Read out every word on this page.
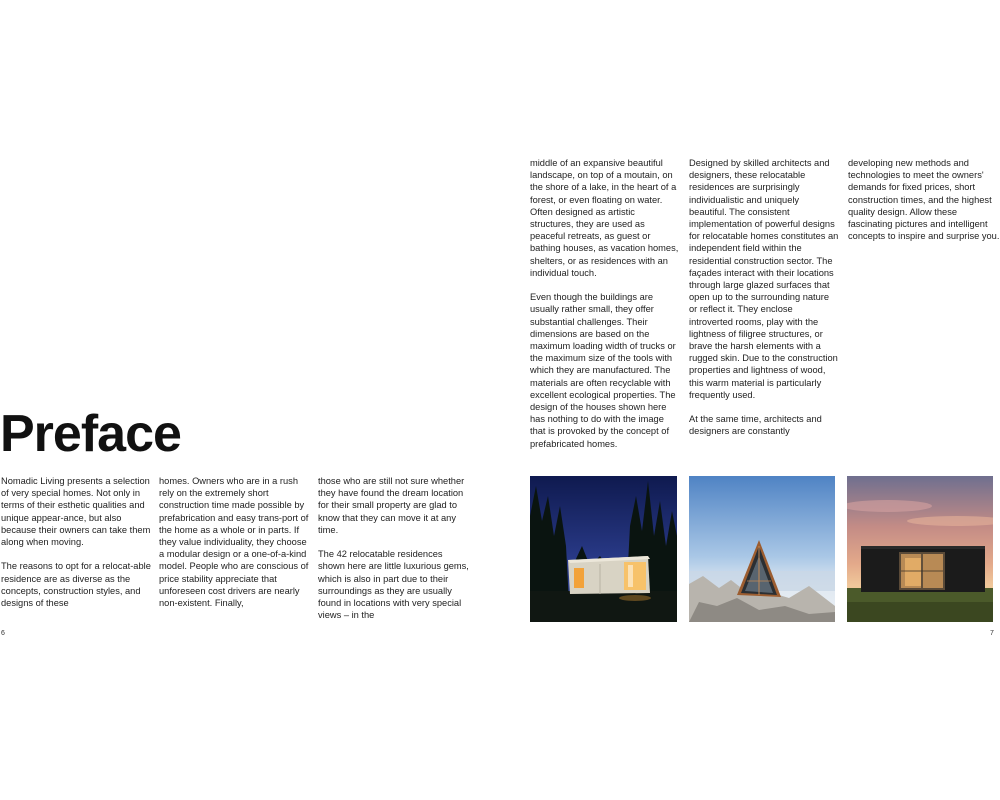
Preface

Nomadic Living presents a selection of very special homes. Not only in terms of their esthetic qualities and unique appear-ance, but also because their owners can take them along when moving.

The reasons to opt for a relocat-able residence are as diverse as the concepts, construction styles, and designs of these

homes. Owners who are in a rush rely on the extremely short construction time made possible by prefabrication and easy trans-port of the home as a whole or in parts. If they value individuality, they choose a modular design or a one-of-a-kind model. People who are conscious of price stability appreciate that unforeseen cost drivers are nearly non-existent. Finally,

those who are still not sure whether they have found the dream location for their small property are glad to know that they can move it at any time.

The 42 relocatable residences shown here are little luxurious gems, which is also in part due to their surroundings as they are usually found in locations with very special views – in the

6

middle of an expansive beautiful landscape, on top of a moutain, on the shore of a lake, in the heart of a forest, or even floating on water. Often designed as artistic structures, they are used as peaceful retreats, as guest or bathing houses, as vacation homes, shelters, or as residences with an individual touch.

Even though the buildings are usually rather small, they offer substantial challenges. Their dimensions are based on the maximum loading width of trucks or the maximum size of the tools with which they are manufactured. The materials are often recyclable with excellent ecological properties. The design of the houses shown here has nothing to do with the image that is provoked by the concept of prefabricated homes.

Designed by skilled architects and designers, these relocatable residences are surprisingly individualistic and uniquely beautiful. The consistent implementation of powerful designs for relocatable homes constitutes an independent field within the residential construction sector. The façades interact with their locations through large glazed surfaces that open up to the surrounding nature or reflect it. They enclose introverted rooms, play with the lightness of filigree structures, or brave the harsh elements with a rugged skin. Due to the construction properties and lightness of wood, this warm material is particularly frequently used.

At the same time, architects and designers are constantly

developing new methods and technologies to meet the owners' demands for fixed prices, short construction times, and the highest quality design. Allow these fascinating pictures and intelligent concepts to inspire and surprise you.

7
